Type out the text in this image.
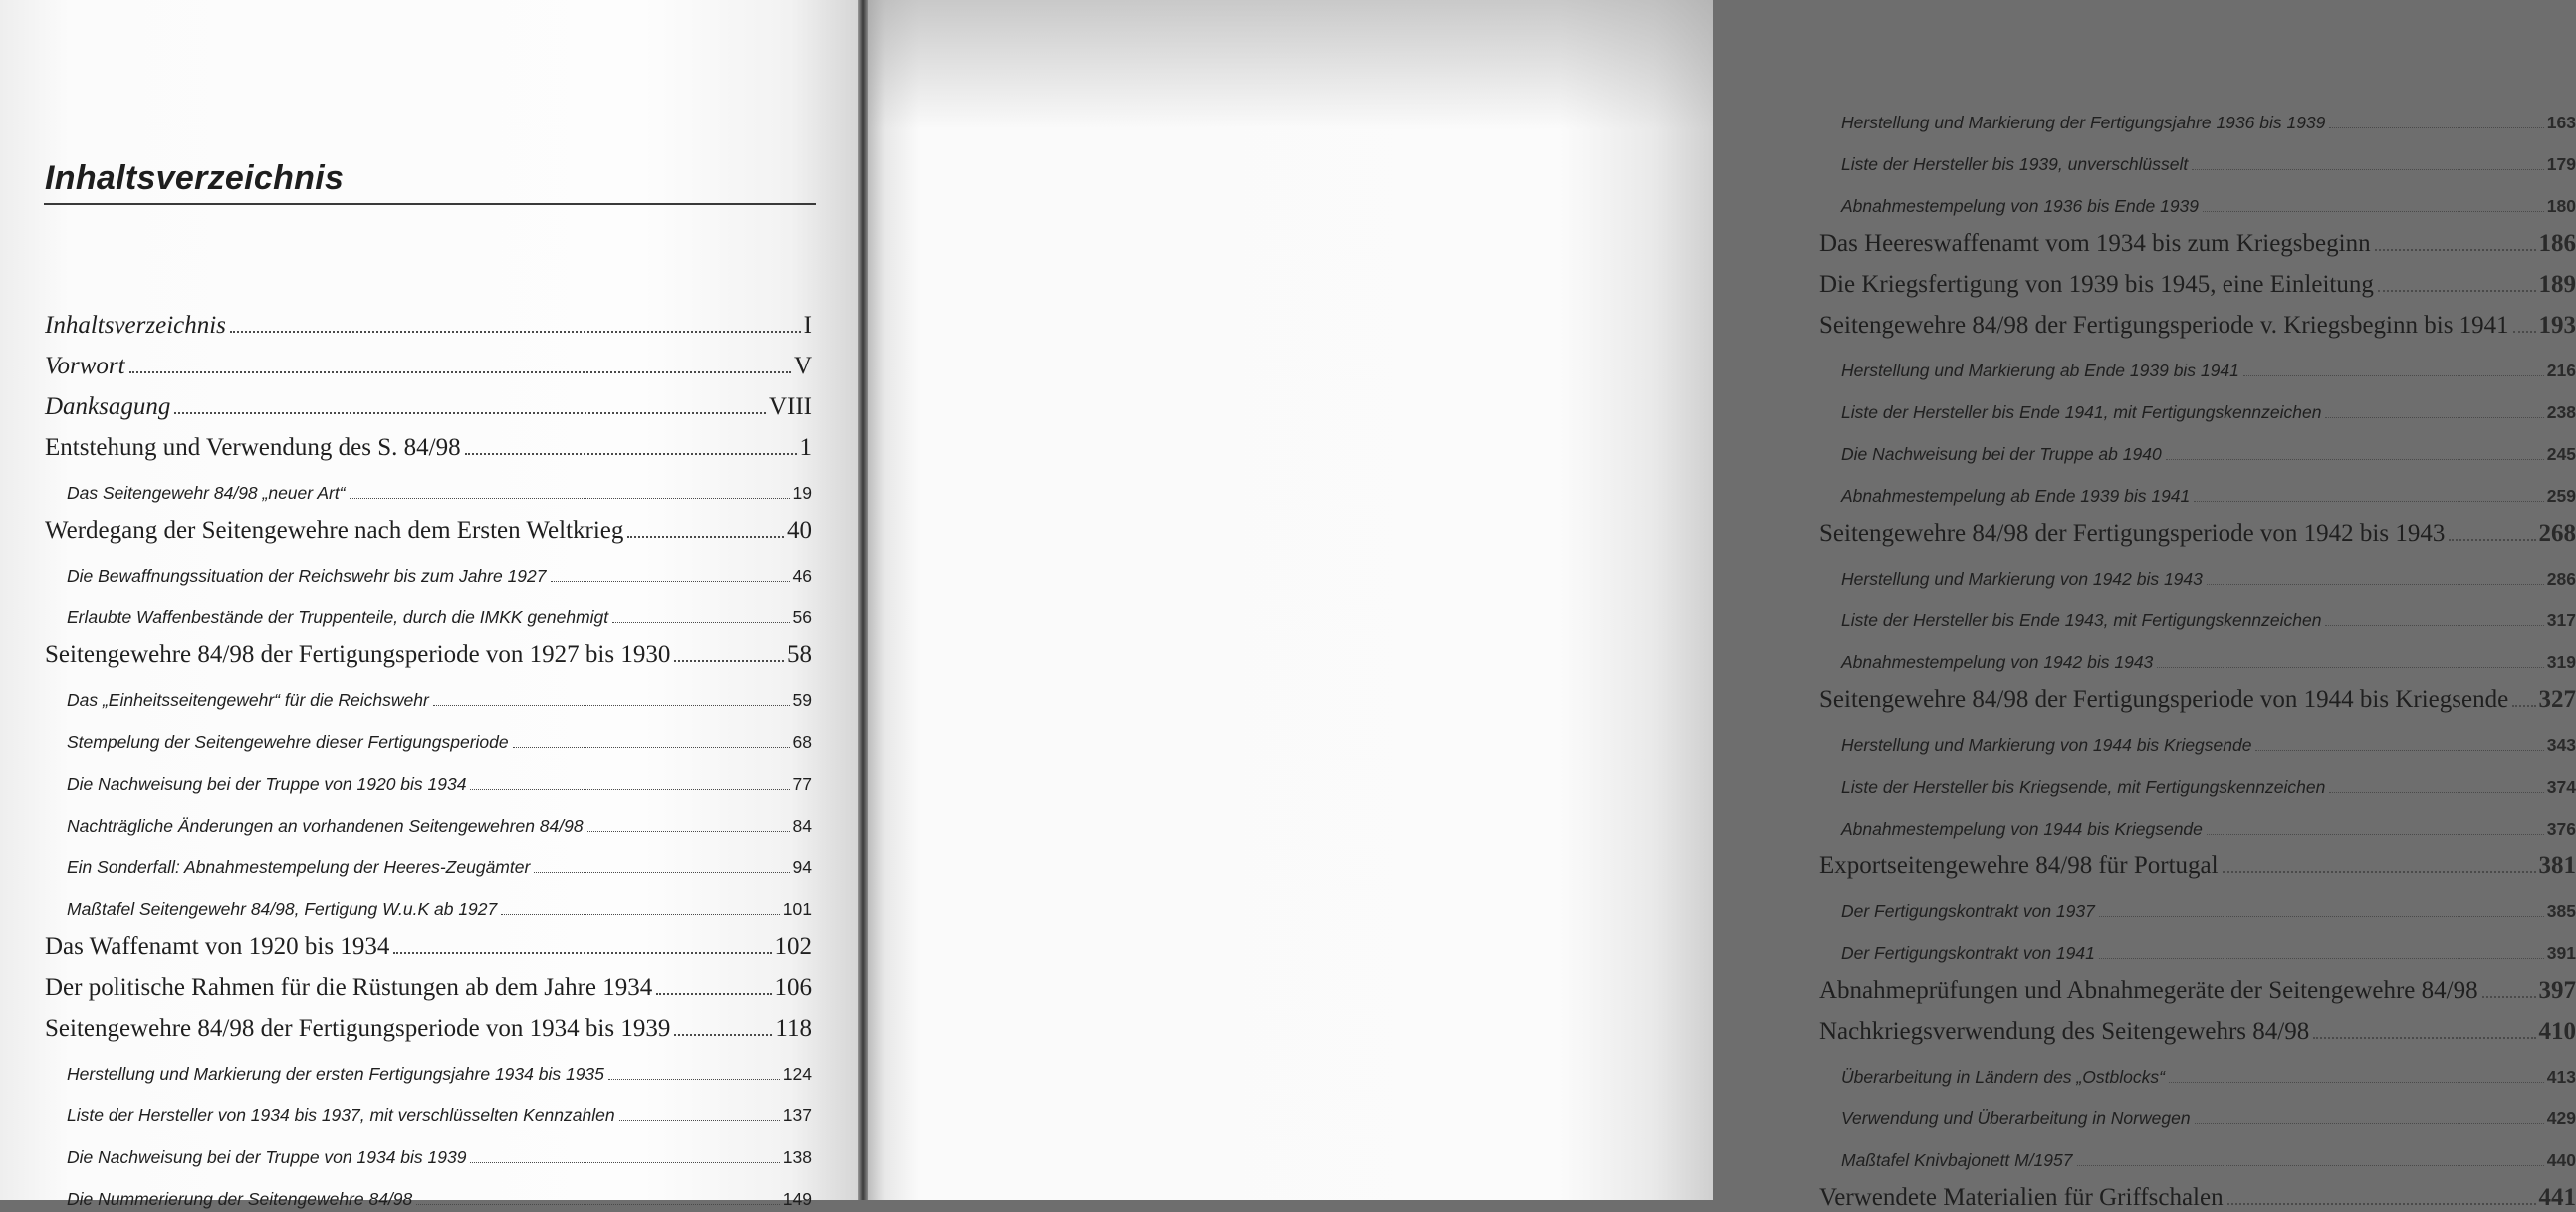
Inhaltsverzeichnis
Inhaltsverzeichnis	I
Vorwort	V
Danksagung	VIII
Entstehung und Verwendung des S. 84/98	1
Das Seitengewehr 84/98 „neuer Art“	19
Werdegang der Seitengewehre nach dem Ersten Weltkrieg	40
Die Bewaffnungssituation der Reichswehr bis zum Jahre 1927	46
Erlaubte Waffenbestände der Truppenteile, durch die IMKK genehmigt	56
Seitengewehre 84/98 der Fertigungsperiode von 1927 bis 1930	58
Das „Einheitsseitengewehr“ für die Reichswehr	59
Stempelung der Seitengewehre dieser Fertigungsperiode	68
Die Nachweisung bei der Truppe von 1920 bis 1934	77
Nachträgliche Änderungen an vorhandenen Seitengewehren 84/98	84
Ein Sonderfall: Abnahmestempelung der Heeres-Zeugämter	94
Maßtafel Seitengewehr 84/98, Fertigung W.u.K ab 1927	101
Das Waffenamt von 1920 bis 1934	102
Der politische Rahmen für die Rüstungen ab dem Jahre 1934	106
Seitengewehre 84/98 der Fertigungsperiode von 1934 bis 1939	118
Herstellung und Markierung der ersten Fertigungsjahre 1934 bis 1935	124
Liste der Hersteller von 1934 bis 1937, mit verschlüsselten Kennzahlen	137
Die Nachweisung bei der Truppe von 1934 bis 1939	138
Die Nummerierung der Seitengewehre 84/98	149
Herstellung und Markierung der Fertigungsjahre 1936 bis 1939	163
Liste der Hersteller bis 1939, unverschlüsselt	179
Abnahmestempelung von 1936 bis Ende 1939	180
Das Heereswaffenamt vom 1934 bis zum Kriegsbeginn	186
Die Kriegsfertigung von 1939 bis 1945, eine Einleitung	189
Seitengewehre 84/98 der Fertigungsperiode v. Kriegsbeginn bis 1941 193
Herstellung und Markierung ab Ende 1939 bis 1941	216
Liste der Hersteller bis Ende 1941, mit Fertigungskennzeichen	238
Die Nachweisung bei der Truppe ab 1940	245
Abnahmestempelung ab Ende 1939 bis 1941	259
Seitengewehre 84/98 der Fertigungsperiode von 1942 bis 1943	268
Herstellung und Markierung von 1942 bis 1943	286
Liste der Hersteller bis Ende 1943, mit Fertigungskennzeichen	317
Abnahmestempelung von 1942 bis 1943	319
Seitengewehre 84/98 der Fertigungsperiode von 1944 bis Kriegsende 327
Herstellung und Markierung von 1944 bis Kriegsende	343
Liste der Hersteller bis Kriegsende, mit Fertigungskennzeichen	374
Abnahmestempelung von 1944 bis Kriegsende	376
Exportseitengewehre 84/98 für Portugal	381
Der Fertigungskontrakt von 1937	385
Der Fertigungskontrakt von 1941	391
Abnahmeprüfungen und Abnahmegeräte der Seitengewehre 84/98 397
Nachkriegsverwendung des Seitengewehrs 84/98	410
Überarbeitung in Ländern des „Ostblocks“	413
Verwendung und Überarbeitung in Norwegen	429
Maßtafel Knivbajonett M/1957	440
Verwendete Materialien für Griffschalen	441
